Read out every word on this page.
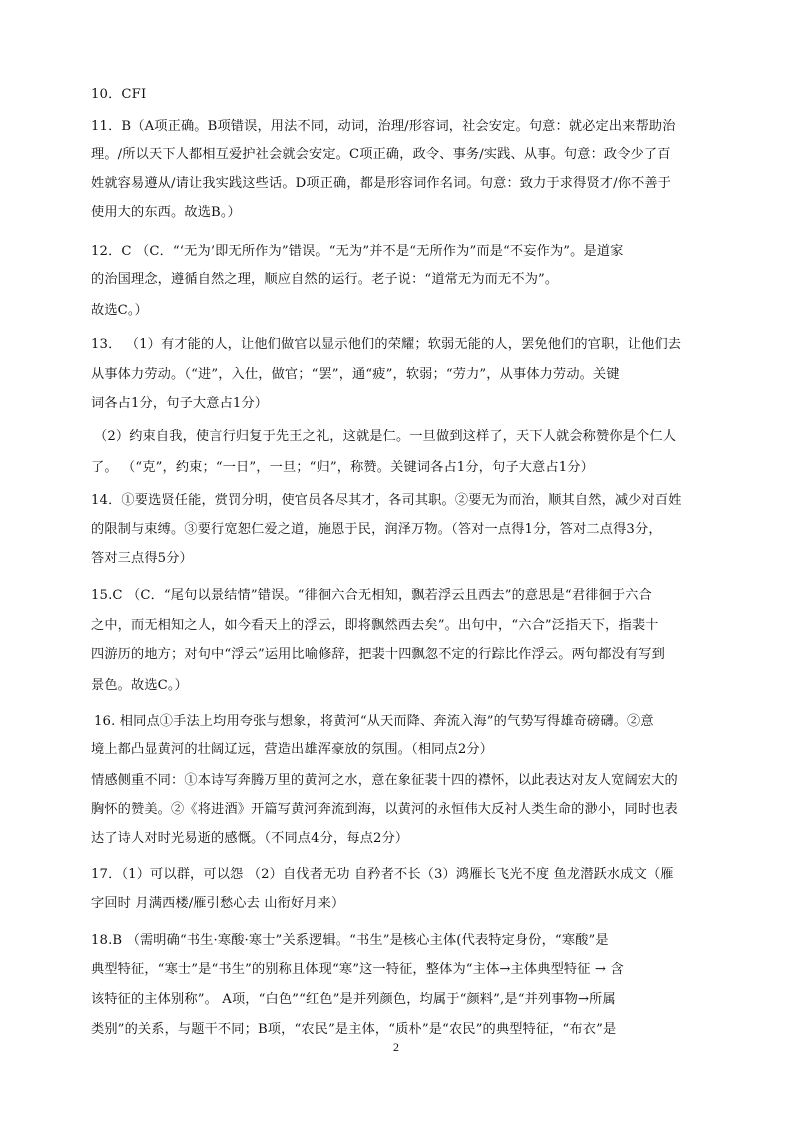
10．CFI
11．B（A项正确。B项错误，用法不同，动词，治理/形容词，社会安定。句意：就必定出来帮助治
理。/所以天下人都相互爱护社会就会安定。C项正确，政令、事务/实践、从事。句意：政令少了百
姓就容易遵从/请让我实践这些话。D项正确，都是形容词作名词。句意：致力于求得贤才/你不善于
使用大的东西。故选B。）
12．C （C．“‘无为’即无所作为”错误。“无为”并不是“无所作为”而是“不妄作为”。是道家
的治国理念，遵循自然之理，顺应自然的运行。老子说：“道常无为而无不为”。
故选C。）
13． （1）有才能的人，让他们做官以显示他们的荣耀；软弱无能的人，罢免他们的官职，让他们去
从事体力劳动。（“进”，入仕，做官；“罢”，通“疲”，软弱；“劳力”，从事体力劳动。关键
词各占1分，句子大意占1分）
（2）约束自我，使言行归复于先王之礼，这就是仁。一旦做到这样了，天下人就会称赞你是个仁人
了。 （“克”，约束；“一日”，一旦；“归”，称赞。关键词各占1分，句子大意占1分）
14．①要选贤任能，赏罚分明，使官员各尽其才，各司其职。②要无为而治，顺其自然，减少对百姓
的限制与束缚。③要行宽恕仁爱之道，施恩于民，润泽万物。（答对一点得1分，答对二点得3分，
答对三点得5分）
15.C （C．“尾句以景结情”错误。“徘徊六合无相知，飘若浮云且西去”的意思是“君徘徊于六合
之中，而无相知之人，如今看天上的浮云，即将飘然西去矣”。出句中，“六合”泛指天下，指裴十
四游历的地方；对句中“浮云”运用比喻修辞，把裴十四飘忽不定的行踪比作浮云。两句都没有写到
景色。故选C。）
16. 相同点①手法上均用夸张与想象，将黄河“从天而降、奔流入海”的气势写得雄奇磅礴。②意
境上都凸显黄河的壮阔辽远，营造出雄浑豪放的氛围。（相同点2分）
情感侧重不同：①本诗写奔腾万里的黄河之水，意在象征裴十四的襟怀，以此表达对友人宽阔宏大的
胸怀的赞美。②《将进酒》开篇写黄河奔流到海，以黄河的永恒伟大反衬人类生命的渺小，同时也表
达了诗人对时光易逝的感慨。（不同点4分，每点2分）
17．（1）可以群，可以怨 （2）自伐者无功 自矜者不长（3）鸿雁长飞光不度 鱼龙潜跃水成文（雁
字回时 月满西楼/雁引愁心去 山衔好月来）
18.B （需明确“书生·寒酸·寒士”关系逻辑。“书生”是核心主体(代表特定身份，“寒酸”是
典型特征，“寒士”是“书生”的别称且体现“寒”这一特征，整体为“主体→主体典型特征 → 含
该特征的主体别称”。 A项，“白色”“红色”是并列颜色，均属于“颜料”,是“并列事物→所属
类别”的关系，与题干不同；B项，“农民”是主体，“质朴”是“农民”的典型特征，“布衣”是
2
